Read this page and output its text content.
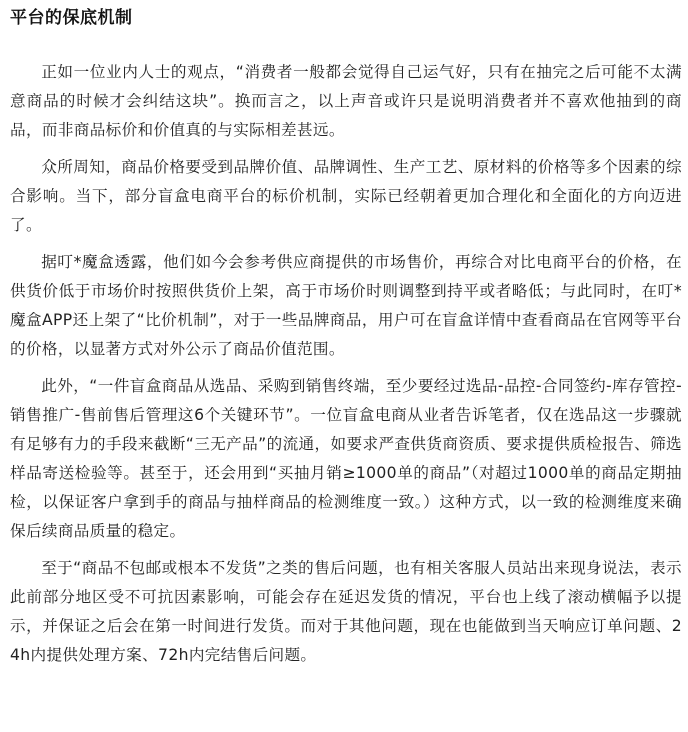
平台的保底机制

正如一位业内人士的观点，“消费者一般都会觉得自己运气好，只有在抽完之后可能不太满意商品的时候才会纠结这块”。换而言之，以上声音或许只是说明消费者并不喜欢他抽到的商品，而非商品标价和价值真的与实际相差甚远。

众所周知，商品价格要受到品牌价值、品牌调性、生产工艺、原材料的价格等多个因素的综合影响。当下，部分盲盒电商平台的标价机制，实际已经朝着更加合理化和全面化的方向迈进了。

据叮*魔盒透露，他们如今会参考供应商提供的市场售价，再综合对比电商平台的价格，在供货价低于市场价时按照供货价上架，高于市场价时则调整到持平或者略低；与此同时，在叮*魔盒APP还上架了“比价机制”，对于一些品牌商品，用户可在盲盒详情中查看商品在官网等平台的价格，以显著方式对外公示了商品价值范围。

此外，“一件盲盒商品从选品、采购到销售终端，至少要经过选品-品控-合同签约-库存管控-销售推广-售前售后管理这6个关键环节”。一位盲盒电商从业者告诉笔者，仅在选品这一步骤就有足够有力的手段来截断“三无产品”的流通，如要求严查供货商资质、要求提供质检报告、筛选样品寄送检验等。甚至于，还会用到“买抽月销≥1000单的商品”（对超过1000单的商品定期抽检，以保证客户拿到手的商品与抽样商品的检测维度一致。）这种方式，以一致的检测维度来确保后续商品质量的稳定。

至于“商品不包邮或根本不发货”之类的售后问题，也有相关客服人员站出来现身说法，表示此前部分地区受不可抗因素影响，可能会存在延迟发货的情况，平台也上线了滚动横幅予以提示，并保证之后会在第一时间进行发货。而对于其他问题，现在也能做到当天响应订单问题、24h内提供处理方案、72h内完结售后问题。
